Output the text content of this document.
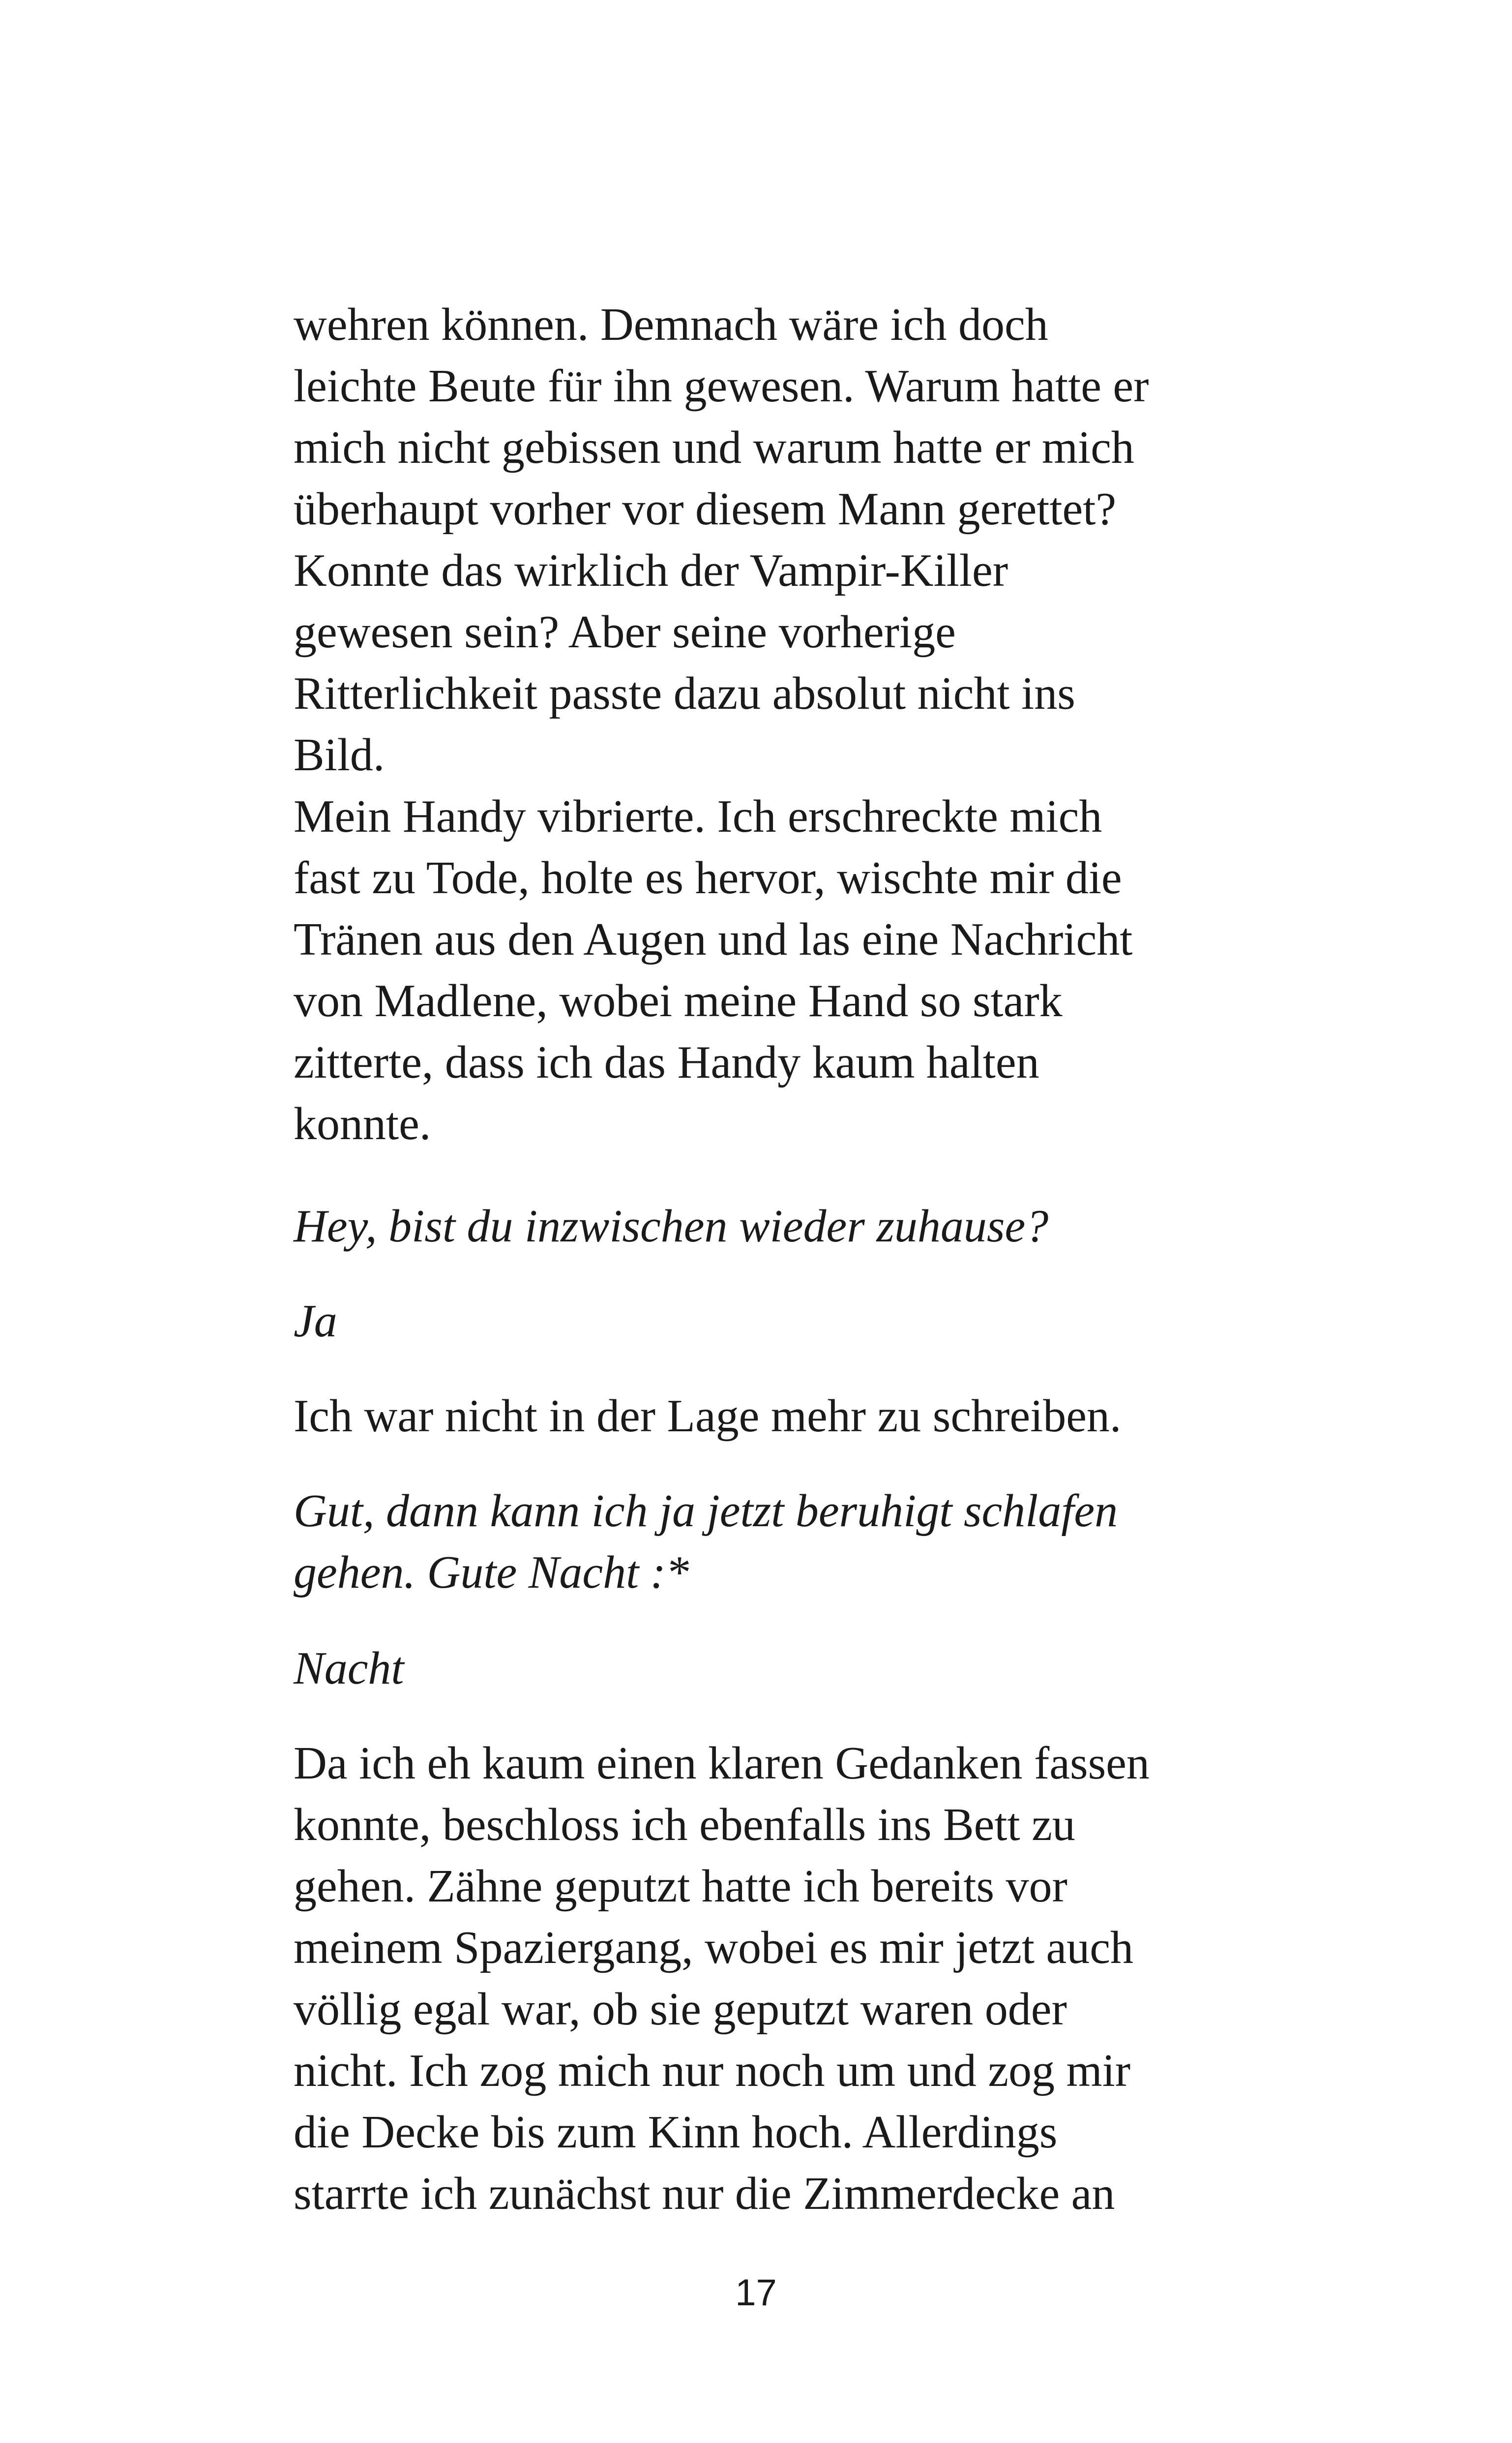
wehren können. Demnach wäre ich doch
leichte Beute für ihn gewesen. Warum hatte er
mich nicht gebissen und warum hatte er mich
überhaupt vorher vor diesem Mann gerettet?
Konnte das wirklich der Vampir-Killer
gewesen sein? Aber seine vorherige
Ritterlichkeit passte dazu absolut nicht ins
Bild.
Mein Handy vibrierte. Ich erschreckte mich
fast zu Tode, holte es hervor, wischte mir die
Tränen aus den Augen und las eine Nachricht
von Madlene, wobei meine Hand so stark
zitterte, dass ich das Handy kaum halten
konnte.
Hey, bist du inzwischen wieder zuhause?
Ja
Ich war nicht in der Lage mehr zu schreiben.
Gut, dann kann ich ja jetzt beruhigt schlafen
gehen. Gute Nacht :*
Nacht
Da ich eh kaum einen klaren Gedanken fassen
konnte, beschloss ich ebenfalls ins Bett zu
gehen. Zähne geputzt hatte ich bereits vor
meinem Spaziergang, wobei es mir jetzt auch
völlig egal war, ob sie geputzt waren oder
nicht. Ich zog mich nur noch um und zog mir
die Decke bis zum Kinn hoch. Allerdings
starrte ich zunächst nur die Zimmerdecke an
17
